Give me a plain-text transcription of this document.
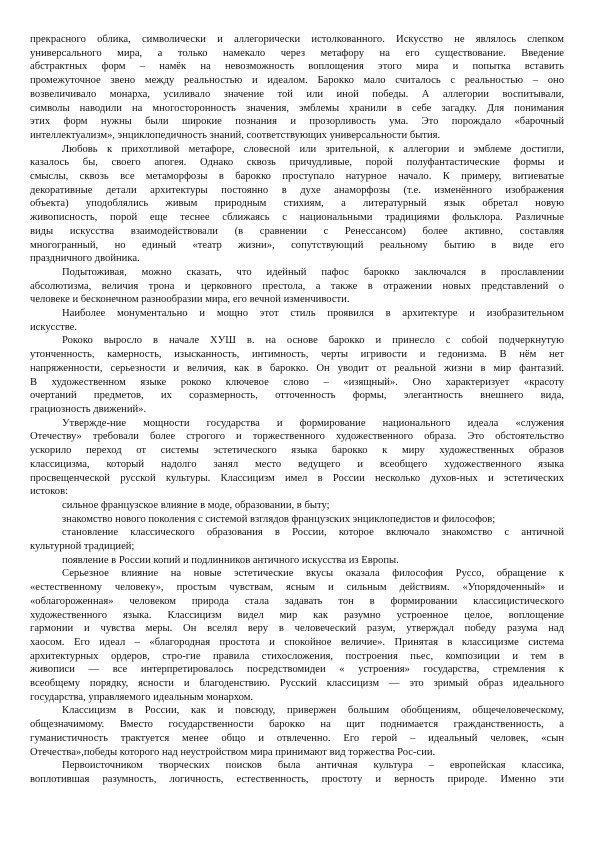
прекрасного облика, символически и аллегорически истолкованного. Искусство не являлось слепком
универсального мира, а только намекало через метафору на его существование. Введение
абстрактных форм – намёк на невозможность воплощения этого мира и попытка вставить
промежуточное звено между реальностью и идеалом. Барокко мало считалось с реальностью – оно
возвеличивало монарха, усиливало значение той или иной победы. А аллегории воспитывали,
символы наводили на многосторонность значения, эмблемы хранили в себе загадку. Для понимания
этих форм нужны были широкие познания и прозорливость ума. Это порождало «барочный
интеллектуализм», энциклопедичность знаний, соответствующих универсальности бытия.
Любовь к прихотливой метафоре, словесной или зрительной, к аллегории и эмблеме достигли,
казалось бы, своего апогея. Однако сквозь причудливые, порой полуфантастические формы и
смыслы, сквозь все метаморфозы в барокко проступало натурное начало. К примеру, витиеватые
декоративные детали архитектуры постоянно в духе анаморфозы (т.е. изменённого изображения
объекта) уподоблялись живым природным стихиям, а литературный язык обретал новую
живописность, порой еще теснее сближаясь с национальными традициями фольклора. Различные
виды искусства взаимодействовали (в сравнении с Ренессансом) более активно, составляя
многогранный, но единый «театр жизни», сопутствующий реальному бытию в виде его
праздничного двойника.
Подытоживая, можно сказать, что идейный пафос барокко заключался в прославлении
абсолютизма, величия трона и церковного престола, а также в отражении новых представлений о
человеке и бесконечном разнообразии мира, его вечной изменчивости.
Наиболее монументально и мощно этот стиль проявился в архитектуре и изобразительном
искусстве.
Рококо выросло в начале ХУШ в. на основе барокко и принесло с собой подчеркнутую
утонченность, камерность, изысканность, интимность, черты игривости и гедонизма. В нём нет
напряженности, серьезности и величия, как в барокко. Он уводит от реальной жизни в мир фантазий.
В художественном языке рококо ключевое слово – «изящный». Оно характеризует «красоту
очертаний предметов, их соразмерность, отточенность формы, элегантность внешнего вида,
грациозность движений».
Утвержде-ние мощности государства и формирование национального идеала «служения
Отечеству» требовали более строгого и торжественного художественного образа. Это обстоятельство
ускорило переход от системы эстетического языка барокко к миру художественных образов
классицизма, который надолго занял место ведущего и всеобщего художественного языка
просвещенческой русской культуры. Классицизм имел в России несколько духов-ных и эстетических
истоков:
сильное французское влияние в моде, образовании, в быту;
знакомство нового поколения с системой взглядов французских энциклопедистов и философов;
становление классического образования в России, которое включало знакомство с античной
культурной традицией;
появление в России копий и подлинников античного искусства из Европы.
Серьезное влияние на новые эстетические вкусы оказала философия Руссо, обращение к
«естественному человеку», простым чувствам, ясным и сильным действиям. «Упорядоченный» и
«облагороженная» человеком природа стала задавать тон в формировании классицистического
художественного языка. Классицизм видел мир как разумно устроенное целое, воплощение
гармонии и чувства меры. Он вселял веру в человеческий разум, утверждал победу разума над
хаосом. Его идеал – «благородная простота и спокойное величие». Принятая в классицизме система
архитектурных ордеров, стро-гие правила стихосложения, построения пьес, композиции и тем в
живописи — все интерпретировалось посредствомидеи « устроения» государства, стремления к
всеобщему порядку, ясности и благоденствию. Русский классицизм — это зримый образ идеального
государства, управляемого идеальным монархом.
Классицизм в России, как и повсюду, привержен большим обобщениям, общечеловеческому,
общезначимому. Вместо государственности барокко на щит поднимается гражданственность, а
гуманистичность трактуется менее общо и отвлеченно. Его герой – идеальный человек, «сын
Отечества»,победы которого над неустройством мира принимают вид торжества Рос-сии.
Первоисточником творческих поисков была античная культура – европейская классика,
воплотившая разумность, логичность, естественность, простоту и верность природе. Именно эти
